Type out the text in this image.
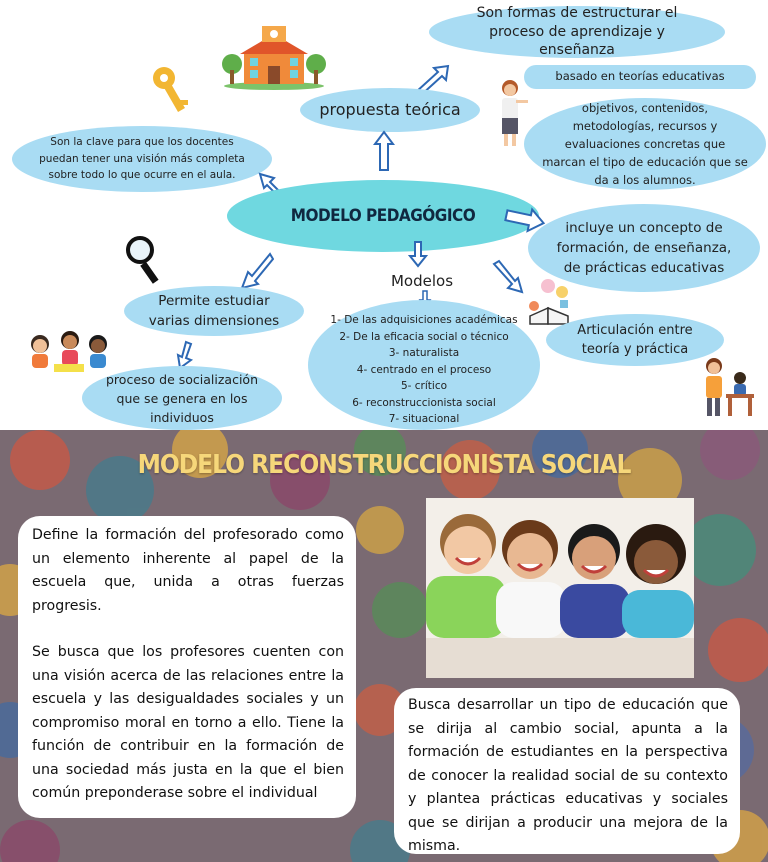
Son formas de estructurar el proceso de aprendizaje y enseñanza
propuesta teórica
basado en teorías educativas
objetivos, contenidos, metodologías, recursos y evaluaciones concretas que marcan el tipo de educación que se da a los alumnos.
Son la clave para que los docentes puedan tener una visión más completa sobre todo lo que ocurre en el aula.
MODELO PEDAGÓGICO
incluye un concepto de formación, de enseñanza, de prácticas educativas
Modelos
1- De las adquisiciones académicas
2- De la eficacia social o técnico
3- naturalista
4- centrado en el proceso
5- crítico
6- reconstruccionista social
7- situacional
Permite estudiar varias dimensiones
proceso de socialización que se genera en los individuos
Articulación entre teoría y práctica
MODELO RECONSTRUCCIONISTA SOCIAL

Define la formación del profesorado como un elemento inherente al papel de la escuela que, unida a otras fuerzas progresis.

Se busca que los profesores cuenten con una visión acerca de las relaciones entre la escuela y las desigualdades sociales y un compromiso moral en torno a ello. Tiene la función de contribuir en la formación de una sociedad más justa en la que el bien común preponderase sobre el individual

Busca desarrollar un tipo de educación que se dirija al cambio social, apunta a la formación de estudiantes en la perspectiva de conocer la realidad social de su contexto y plantea prácticas educativas y sociales que se dirijan a producir una mejora de la misma.
